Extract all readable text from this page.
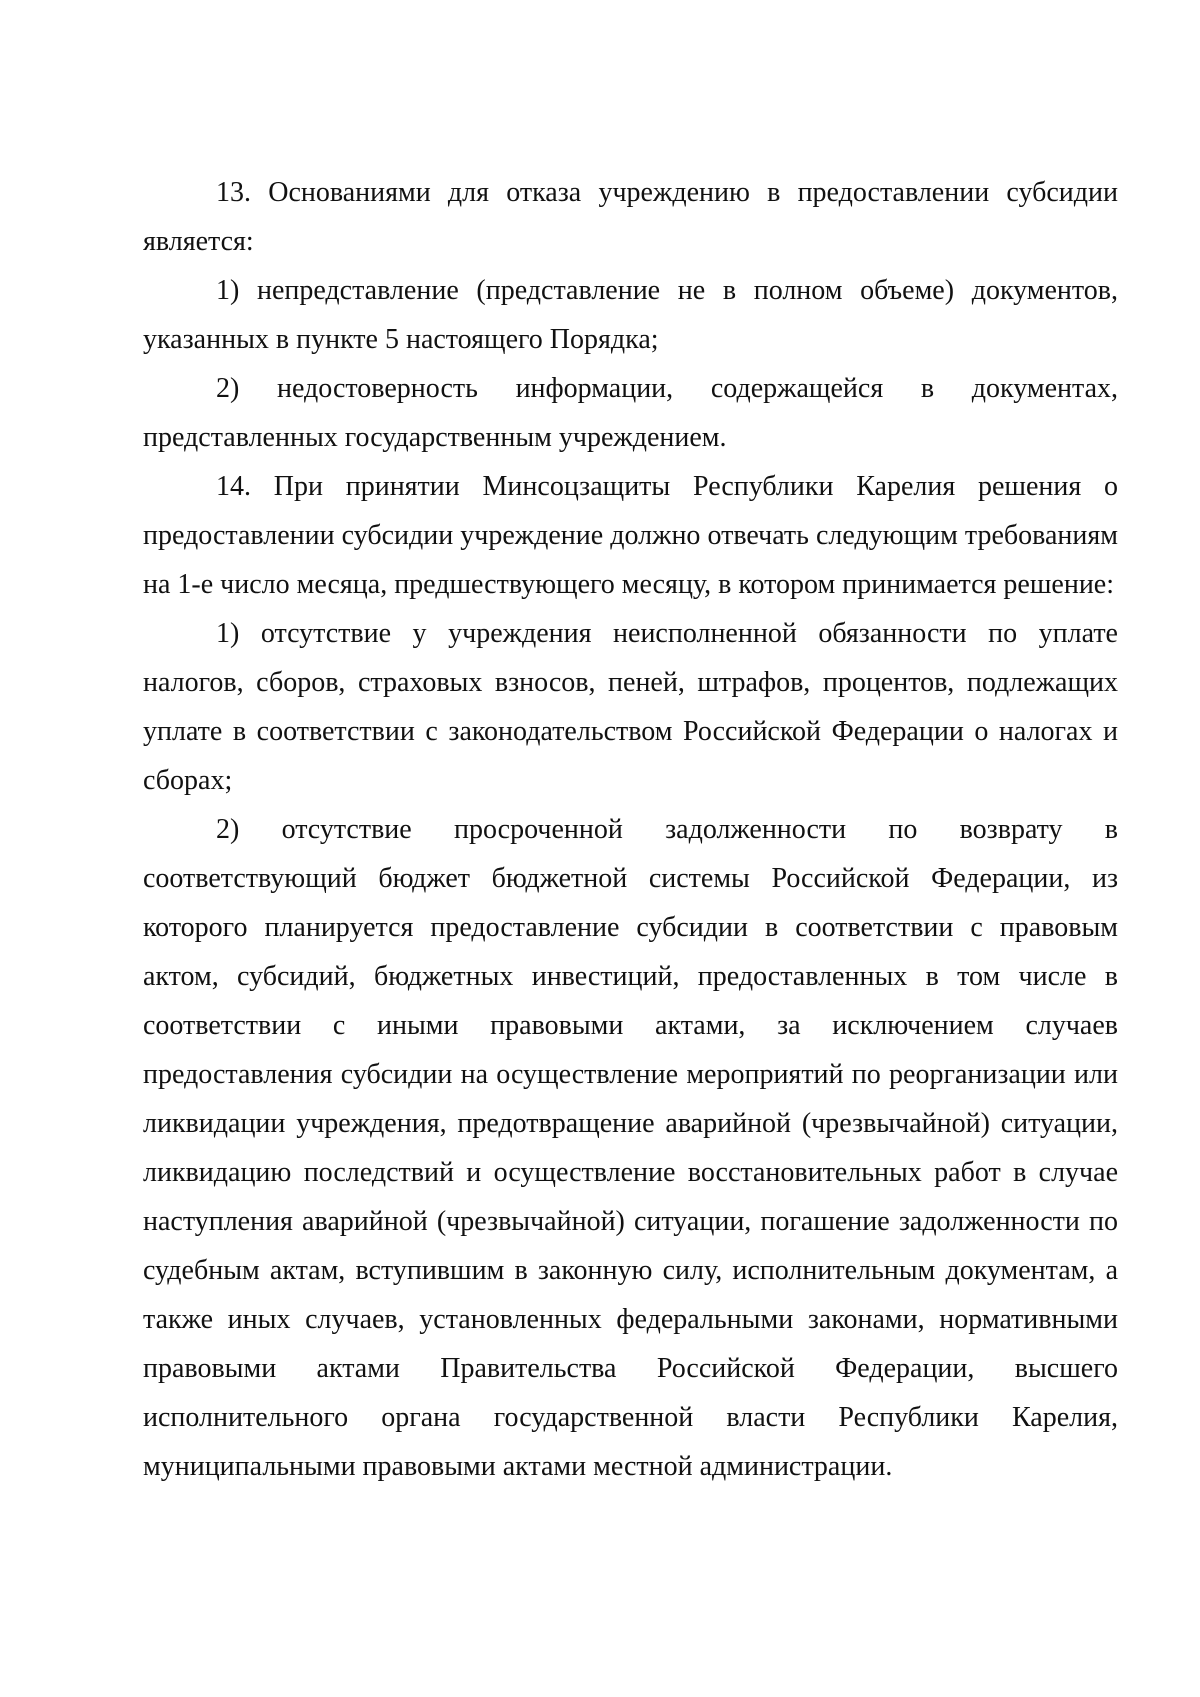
13. Основаниями для отказа учреждению в предоставлении субсидии является:

1) непредставление (представление не в полном объеме) документов, указанных в пункте 5 настоящего Порядка;

2) недостоверность информации, содержащейся в документах, представленных государственным учреждением.

14. При принятии Минсоцзащиты Республики Карелия решения о предоставлении субсидии учреждение должно отвечать следующим требованиям на 1-е число месяца, предшествующего месяцу, в котором принимается решение:

1) отсутствие у учреждения неисполненной обязанности по уплате налогов, сборов, страховых взносов, пеней, штрафов, процентов, подлежащих уплате в соответствии с законодательством Российской Федерации о налогах и сборах;

2) отсутствие просроченной задолженности по возврату в соответствующий бюджет бюджетной системы Российской Федерации, из которого планируется предоставление субсидии в соответствии с правовым актом, субсидий, бюджетных инвестиций, предоставленных в том числе в соответствии с иными правовыми актами, за исключением случаев предоставления субсидии на осуществление мероприятий по реорганизации или ликвидации учреждения, предотвращение аварийной (чрезвычайной) ситуации, ликвидацию последствий и осуществление восстановительных работ в случае наступления аварийной (чрезвычайной) ситуации, погашение задолженности по судебным актам, вступившим в законную силу, исполнительным документам, а также иных случаев, установленных федеральными законами, нормативными правовыми актами Правительства Российской Федерации, высшего исполнительного органа государственной власти Республики Карелия, муниципальными правовыми актами местной администрации.
